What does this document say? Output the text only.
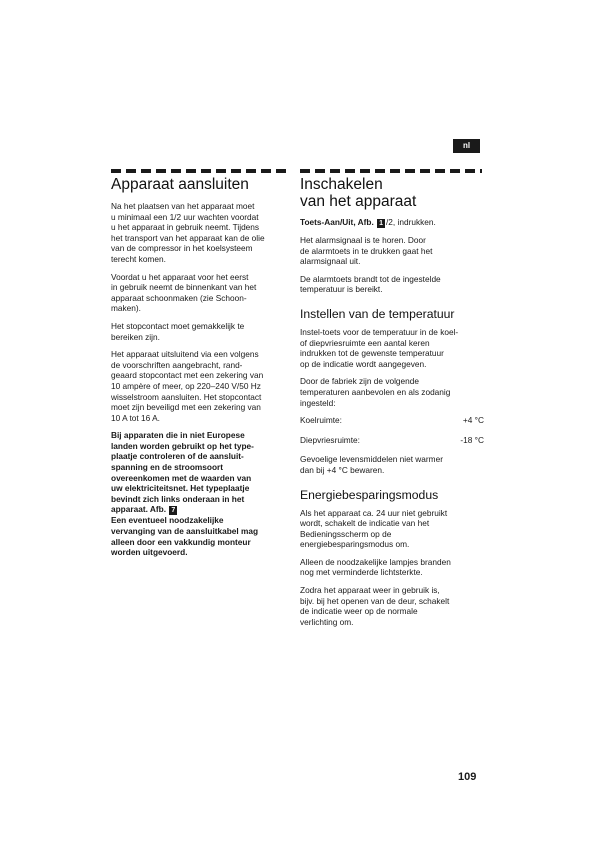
nl
Apparaat aansluiten

Na het plaatsen van het apparaat moet
u minimaal een 1/2 uur wachten voordat
u het apparaat in gebruik neemt. Tijdens
het transport van het apparaat kan de olie
van de compressor in het koelsysteem
terecht komen.

Voordat u het apparaat voor het eerst
in gebruik neemt de binnenkant van het
apparaat schoonmaken (zie Schoon-
maken).

Het stopcontact moet gemakkelijk te
bereiken zijn.

Het apparaat uitsluitend via een volgens
de voorschriften aangebracht, rand-
geaard stopcontact met een zekering van
10 ampère of meer, op 220–240 V/50 Hz
wisselstroom aansluiten. Het stopcontact
moet zijn beveiligd met een zekering van
10 A tot 16 A.

Bij apparaten die in niet Europese
landen worden gebruikt op het type-
plaatje controleren of de aansluit-
spanning en de stroomsoort
overeenkomen met de waarden van
uw elektriciteitsnet. Het typeplaatje
bevindt zich links onderaan in het
apparaat. Afb. 7

Een eventueel noodzakelijke
vervanging van de aansluitkabel mag
alleen door een vakkundig monteur
worden uitgevoerd.

Inschakelen
van het apparaat

Toets-Aan/Uit, Afb. 1 /2, indrukken.

Het alarmsignaal is te horen. Door
de alarmtoets in te drukken gaat het
alarmsignaal uit.

De alarmtoets brandt tot de ingestelde
temperatuur is bereikt.

Instellen van de temperatuur

Instel-toets voor de temperatuur in de koel-
of diepvriesruimte een aantal keren
indrukken tot de gewenste temperatuur
op de indicatie wordt aangegeven.

Door de fabriek zijn de volgende
temperaturen aanbevolen en als zodanig
ingesteld:

Koelruimte:	+4 °C
Diepvriesruimte:	-18 °C

Gevoelige levensmiddelen niet warmer
dan bij +4 °C bewaren.

Energiebesparingsmodus

Als het apparaat ca. 24 uur niet gebruikt
wordt, schakelt de indicatie van het
Bedieningsscherm op de
energiebesparingsmodus om.

Alleen de noodzakelijke lampjes branden
nog met verminderde lichtsterkte.

Zodra het apparaat weer in gebruik is,
bijv. bij het openen van de deur, schakelt
de indicatie weer op de normale
verlichting om.

109
